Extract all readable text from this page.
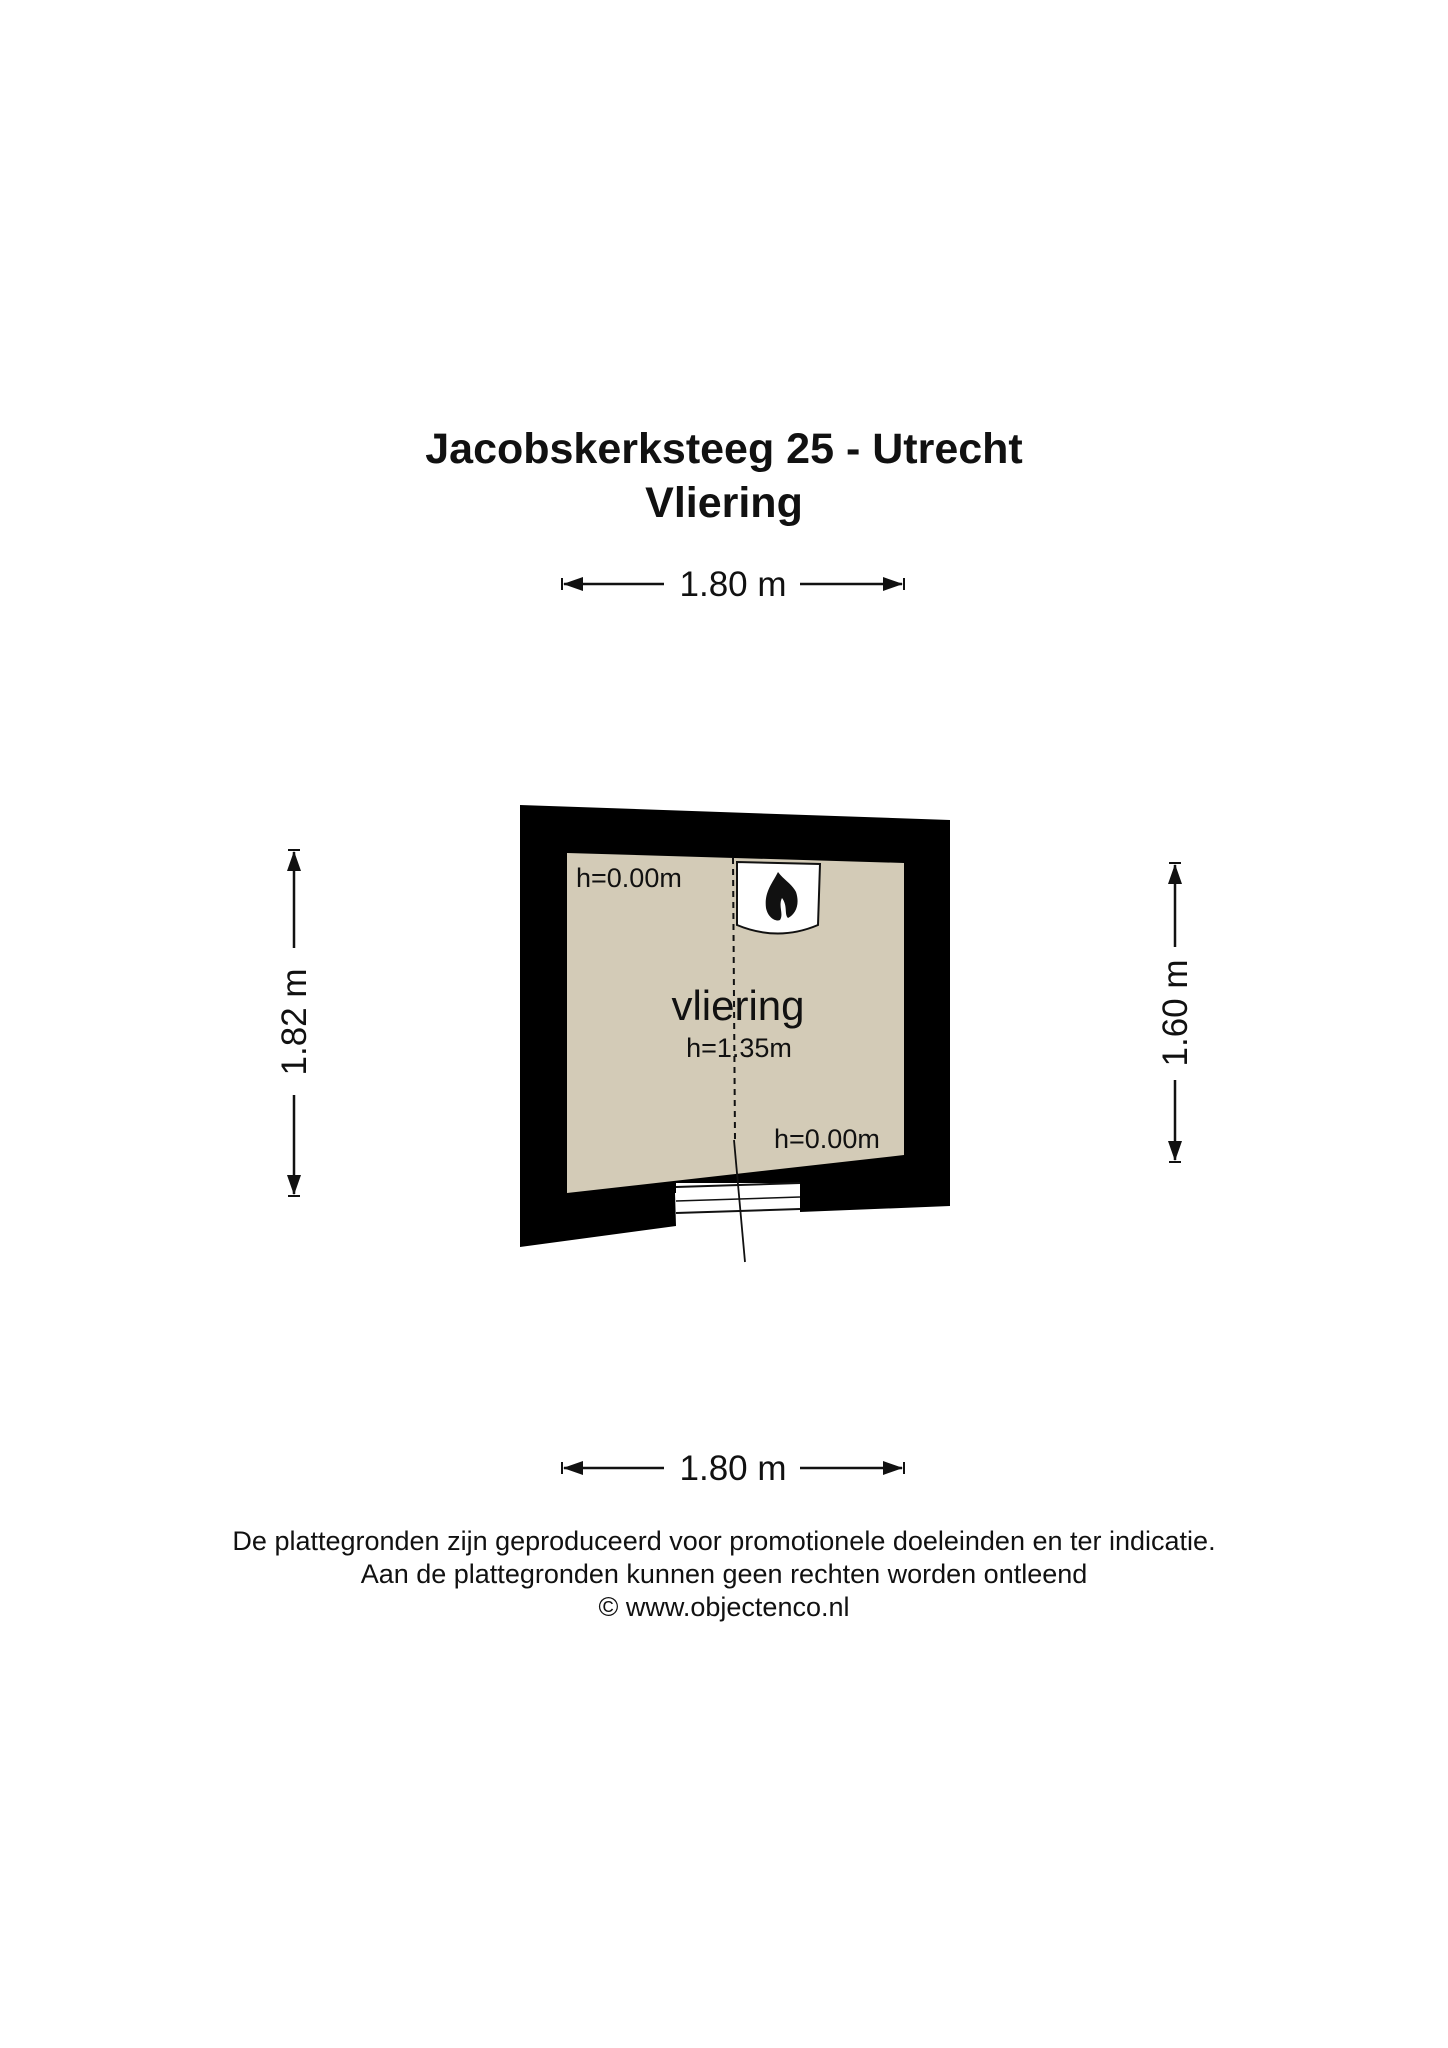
Jacobskerksteeg 25 - Utrecht
Vliering
1.80 m
1.82 m	1.60 m
vliering
h=1.35m
h=0.00m
h=0.00m
1.80 m
De plattegronden zijn geproduceerd voor promotionele doeleinden en ter indicatie.
Aan de plattegronden kunnen geen rechten worden ontleend
© www.objectenco.nl
